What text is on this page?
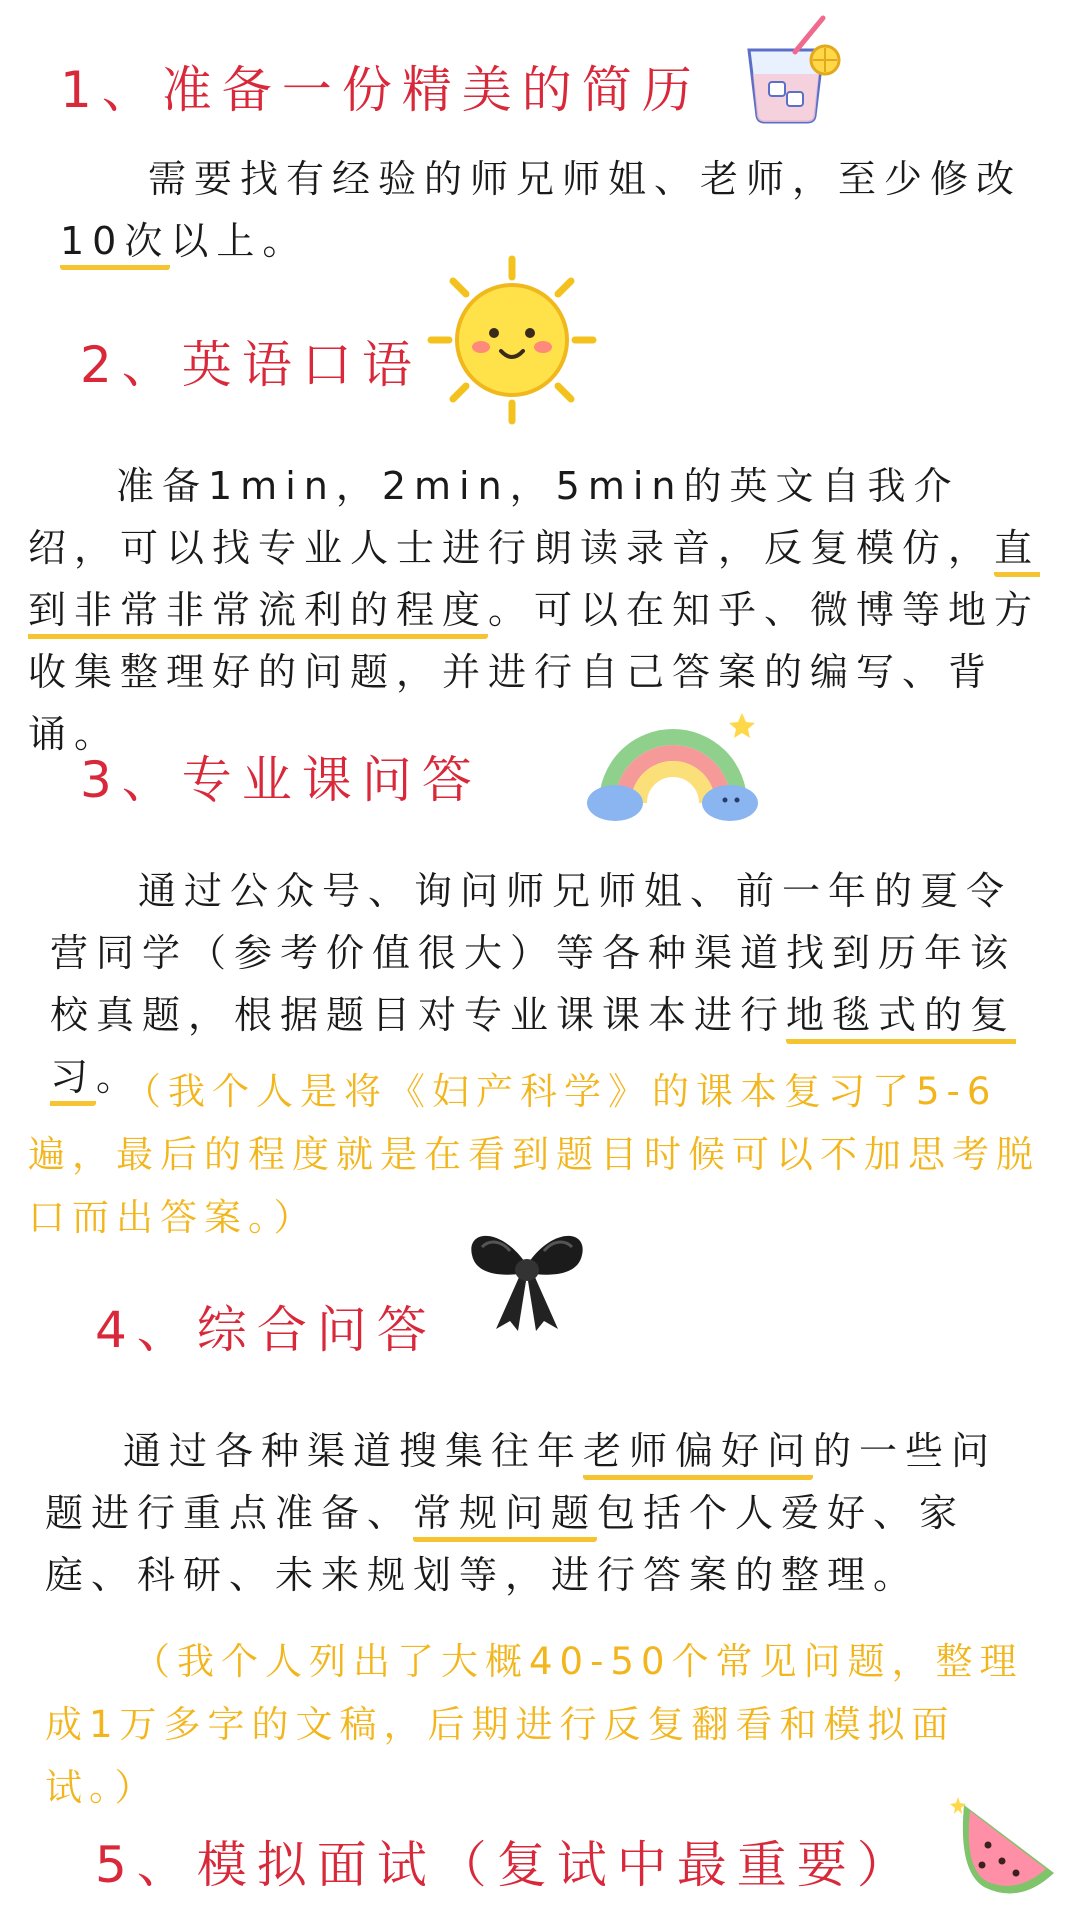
1、准备一份精美的简历
需要找有经验的师兄师姐、老师，至少修改10次以上。
2、英语口语
准备1min，2min，5min的英文自我介绍，可以找专业人士进行朗读录音，反复模仿，直到非常非常流利的程度。可以在知乎、微博等地方收集整理好的问题，并进行自己答案的编写、背诵。
3、专业课问答
通过公众号、询问师兄师姐、前一年的夏令营同学（参考价值很大）等各种渠道找到历年该校真题，根据题目对专业课课本进行地毯式的复习。
（我个人是将《妇产科学》的课本复习了5-6遍，最后的程度就是在看到题目时候可以不加思考脱口而出答案。）
4、综合问答
通过各种渠道搜集往年老师偏好问的一些问题进行重点准备、常规问题包括个人爱好、家庭、科研、未来规划等，进行答案的整理。
（我个人列出了大概40-50个常见问题，整理成1万多字的文稿，后期进行反复翻看和模拟面试。）
5、模拟面试（复试中最重要）
